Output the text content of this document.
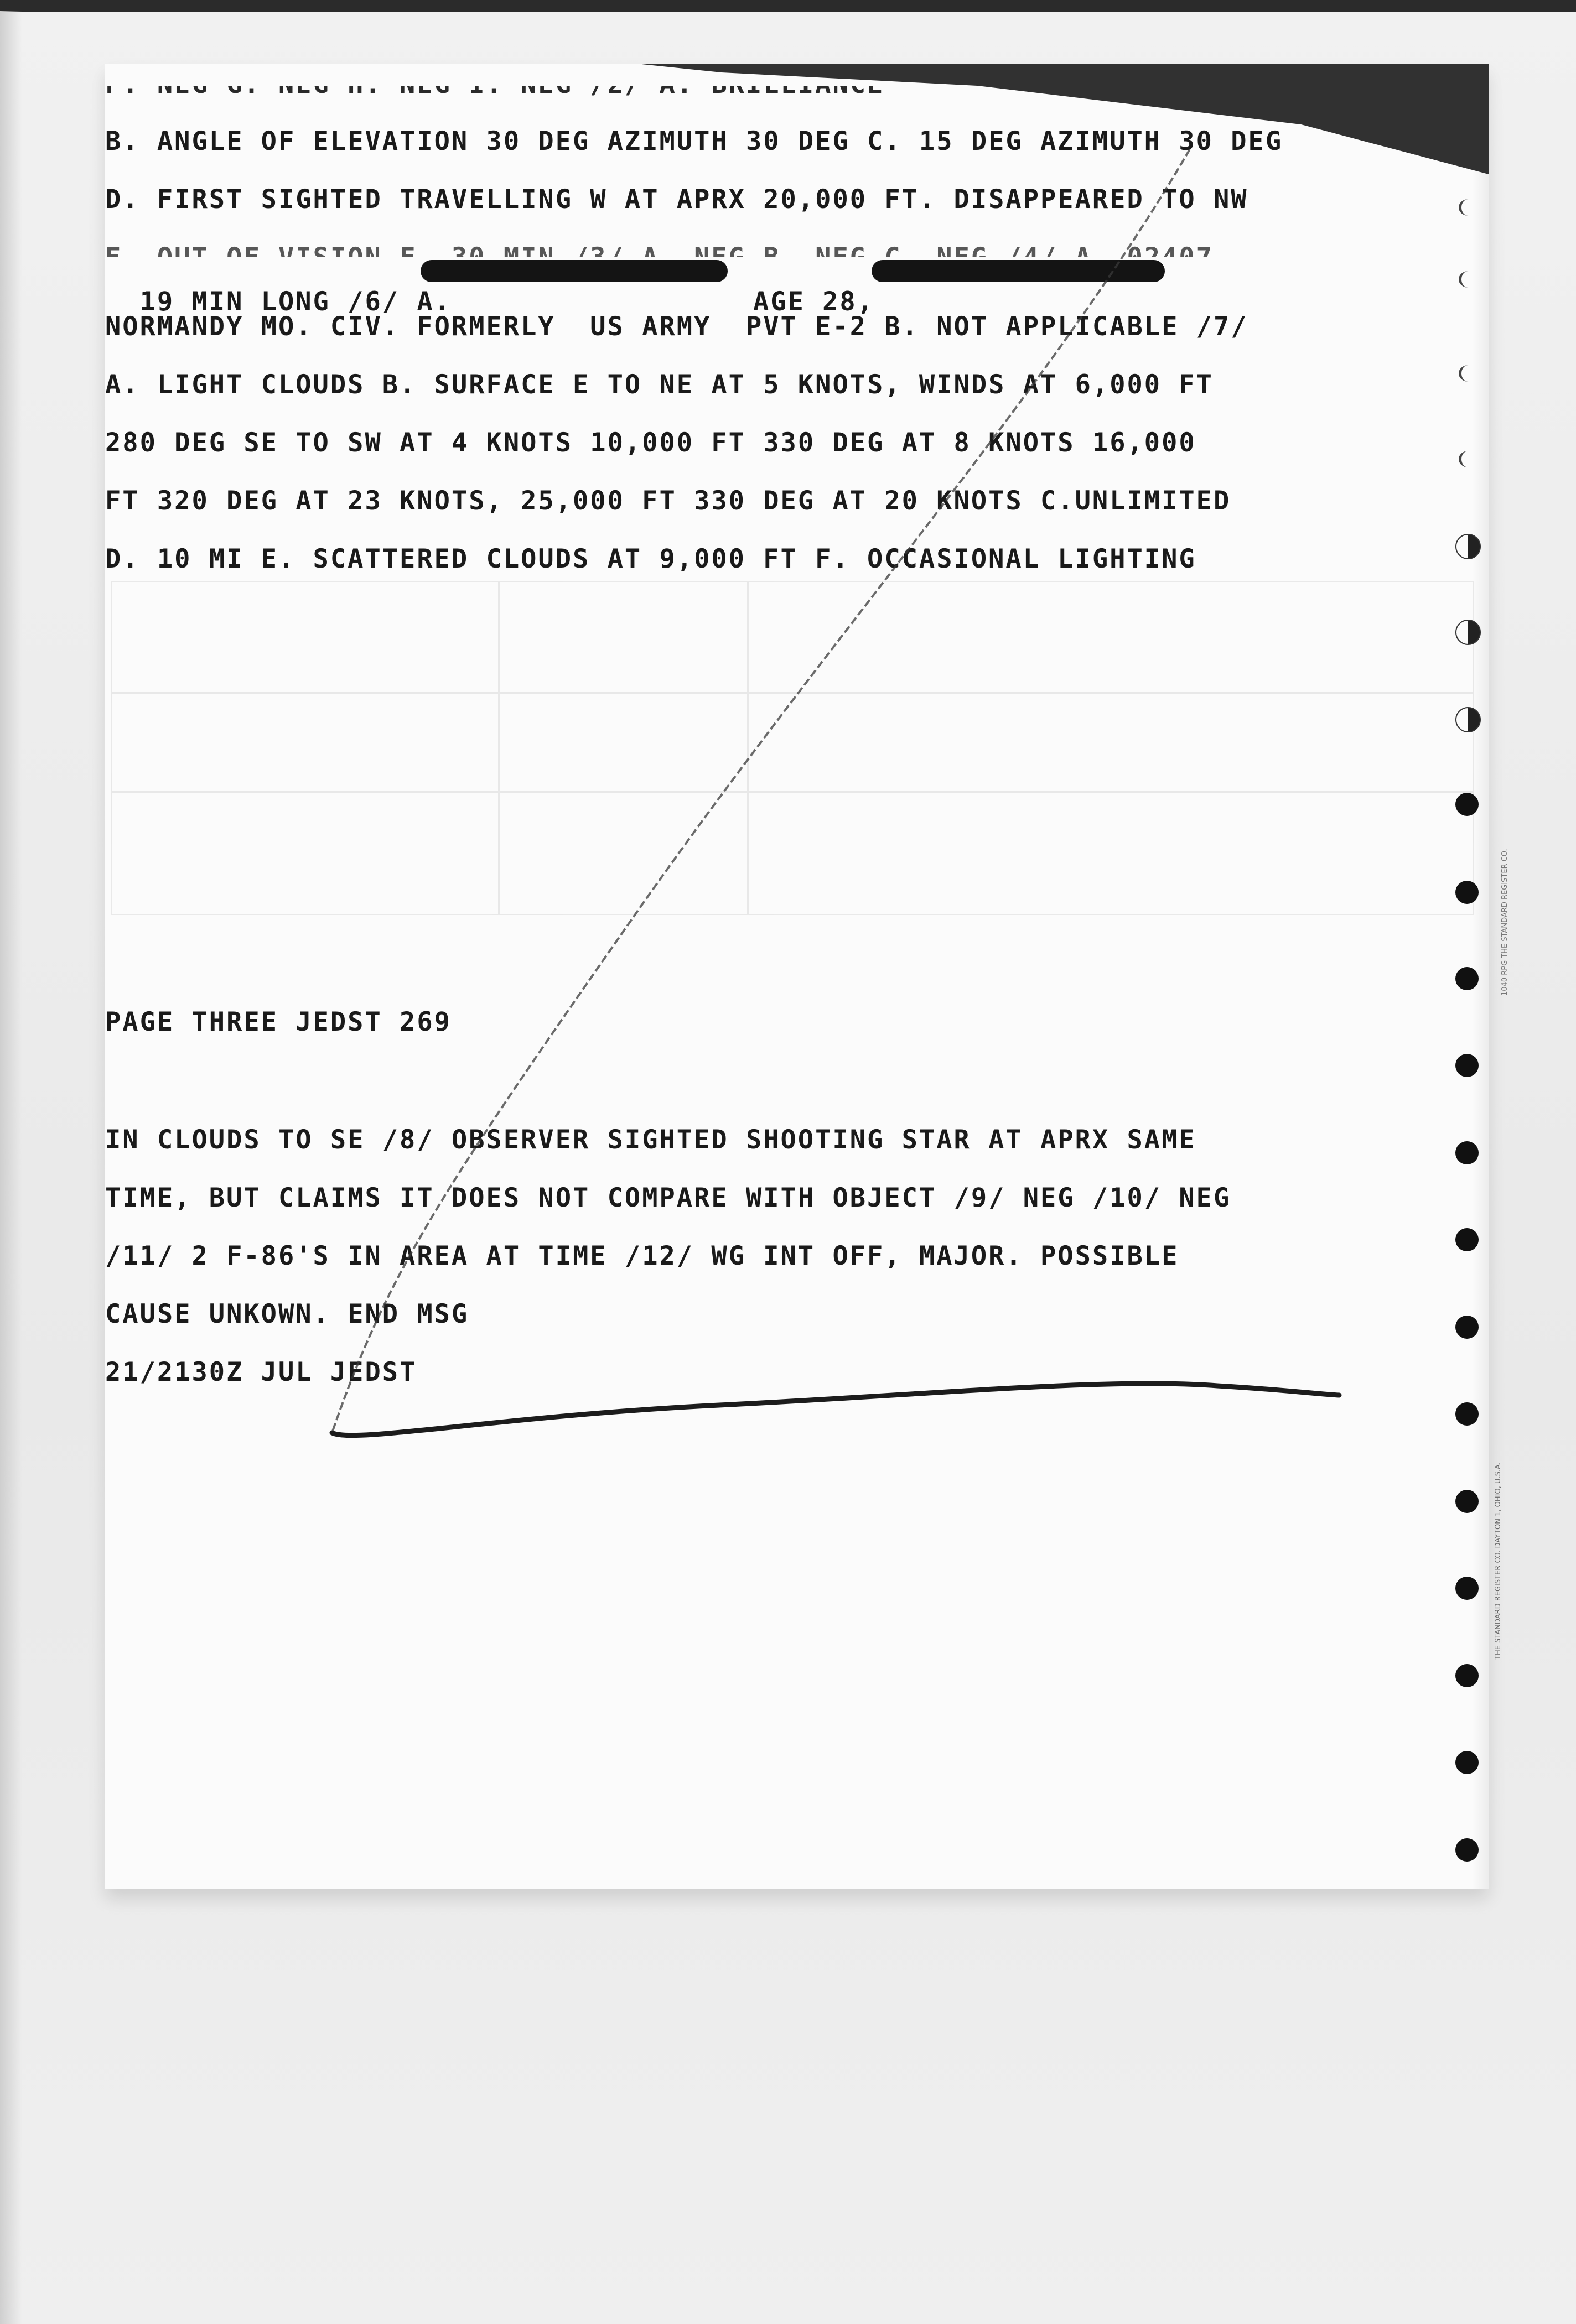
B. ANGLE OF ELEVATION 30 DEG AZIMUTH 30 DEG C. 15 DEG AZIMUTH 30 DEG
D. FIRST SIGHTED TRAVELLING W AT APRX 20,000 FT. DISAPPEARED TO NW

19 MIN LONG /6/ A.	AGE 28,

NORMANDY MO. CIV. FORMERLY  US ARMY  PVT E-2 B. NOT APPLICABLE /7/
A. LIGHT CLOUDS B. SURFACE E TO NE AT 5 KNOTS, WINDS AT 6,000 FT
280 DEG SE TO SW AT 4 KNOTS 10,000 FT 330 DEG AT 8 KNOTS 16,000
FT 320 DEG AT 23 KNOTS, 25,000 FT 330 DEG AT 20 KNOTS C.UNLIMITED
D. 10 MI E. SCATTERED CLOUDS AT 9,000 FT F. OCCASIONAL LIGHTING
PAGE THREE JEDST 269
IN CLOUDS TO SE /8/ OBSERVER SIGHTED SHOOTING STAR AT APRX SAME
TIME, BUT CLAIMS IT DOES NOT COMPARE WITH OBJECT /9/ NEG /10/ NEG
/11/ 2 F-86'S IN AREA AT TIME /12/ WG INT OFF, MAJOR. POSSIBLE
CAUSE UNKOWN. END MSG
21/2130Z JUL JEDST
THE STANDARD REGISTER CO. DAYTON 1, OHIO, U.S.A.
1040 RPG THE STANDARD REGISTER CO.
